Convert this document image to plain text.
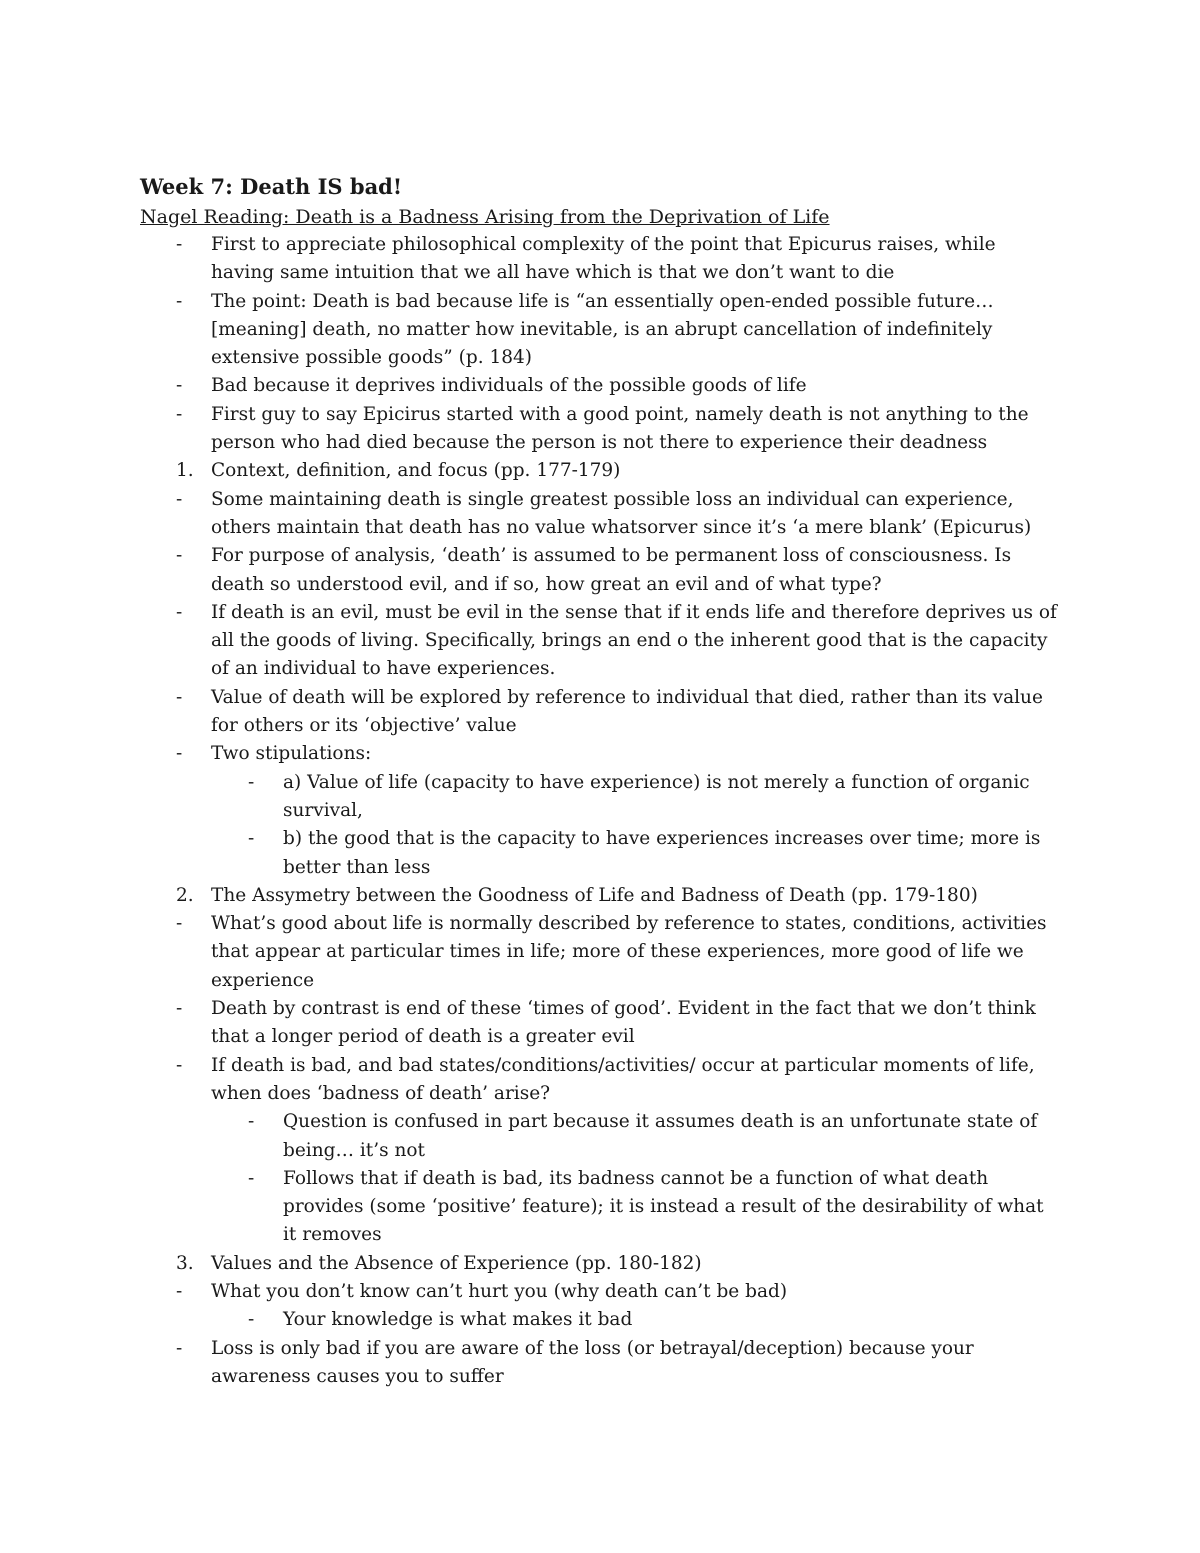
Week 7: Death IS bad!
Nagel Reading: Death is a Badness Arising from the Deprivation of Life
- First to appreciate philosophical complexity of the point that Epicurus raises, while
having same intuition that we all have which is that we don’t want to die
- The point: Death is bad because life is “an essentially open-ended possible future…
[meaning] death, no matter how inevitable, is an abrupt cancellation of indefinitely
extensive possible goods” (p. 184)
- Bad because it deprives individuals of the possible goods of life
- First guy to say Epicirus started with a good point, namely death is not anything to the
person who had died because the person is not there to experience their deadness
1. Context, definition, and focus (pp. 177-179)
- Some maintaining death is single greatest possible loss an individual can experience,
others maintain that death has no value whatsorver since it’s ‘a mere blank’ (Epicurus)
- For purpose of analysis, ‘death’ is assumed to be permanent loss of consciousness. Is
death so understood evil, and if so, how great an evil and of what type?
- If death is an evil, must be evil in the sense that if it ends life and therefore deprives us of
all the goods of living. Specifically, brings an end o the inherent good that is the capacity
of an individual to have experiences.
- Value of death will be explored by reference to individual that died, rather than its value
for others or its ‘objective’ value
- Two stipulations:
- a) Value of life (capacity to have experience) is not merely a function of organic
survival,
- b) the good that is the capacity to have experiences increases over time; more is
better than less
2. The Assymetry between the Goodness of Life and Badness of Death (pp. 179-180)
- What’s good about life is normally described by reference to states, conditions, activities
that appear at particular times in life; more of these experiences, more good of life we
experience
- Death by contrast is end of these ‘times of good’. Evident in the fact that we don’t think
that a longer period of death is a greater evil
- If death is bad, and bad states/conditions/activities/ occur at particular moments of life,
when does ‘badness of death’ arise?
- Question is confused in part because it assumes death is an unfortunate state of
being… it’s not
- Follows that if death is bad, its badness cannot be a function of what death
provides (some ‘positive’ feature); it is instead a result of the desirability of what
it removes
3. Values and the Absence of Experience (pp. 180-182)
- What you don’t know can’t hurt you (why death can’t be bad)
- Your knowledge is what makes it bad
- Loss is only bad if you are aware of the loss (or betrayal/deception) because your
awareness causes you to suffer
